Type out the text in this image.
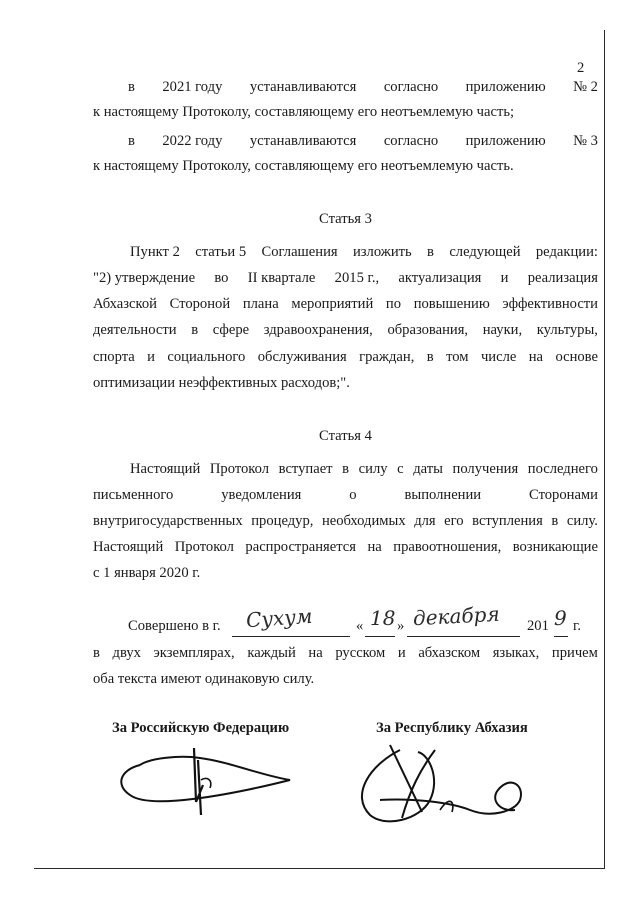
2
в 2021 году устанавливаются согласно приложению № 2
к настоящему Протоколу, составляющему его неотъемлемую часть;
в 2022 году устанавливаются согласно приложению № 3
к настоящему Протоколу, составляющему его неотъемлемую часть.
Статья 3
Пункт 2 статьи 5 Соглашения изложить в следующей редакции:
"2) утверждение во II квартале 2015 г., актуализация и реализация
Абхазской Стороной плана мероприятий по повышению эффективности
деятельности в сфере здравоохранения, образования, науки, культуры,
спорта и социального обслуживания граждан, в том числе на основе
оптимизации неэффективных расходов;".
Статья 4
Настоящий Протокол вступает в силу с даты получения последнего
письменного	уведомления	о	выполнении	Сторонами
внутригосударственных процедур, необходимых для его вступления в силу.
Настоящий Протокол распространяется на правоотношения, возникающие
с 1 января 2020 г.
Совершено в г. Сухум	« 18 » декабря 201 9 г.
в двух экземплярах, каждый на русском и абхазском языках, причем
оба текста имеют одинаковую силу.
За Российскую Федерацию	За Республику Абхазия
